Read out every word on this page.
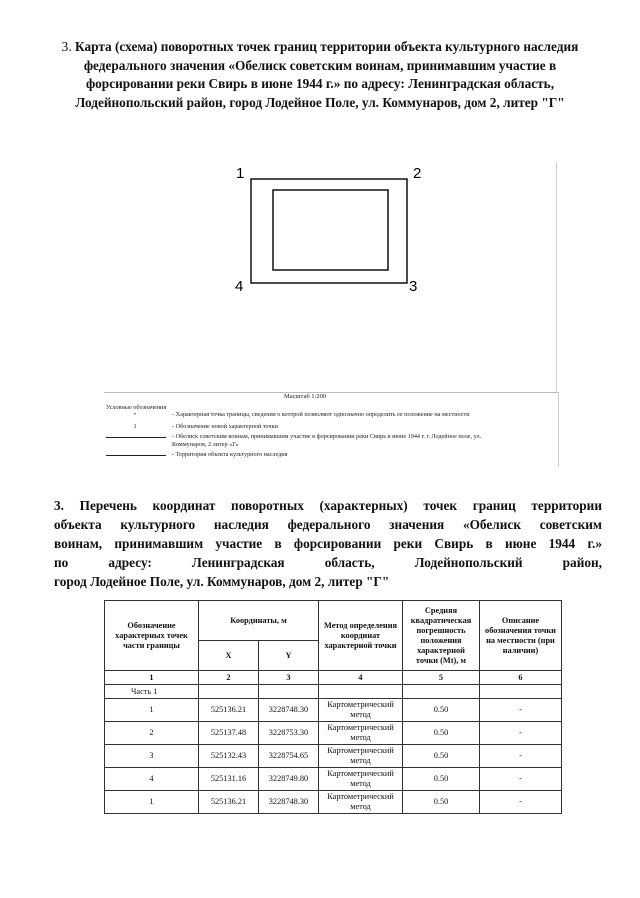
3. Карта (схема) поворотных точек границ территории объекта культурного наследия федерального значения «Обелиск советским воинам, принимавшим участие в форсировании реки Свирь в июне 1944 г.» по адресу: Ленинградская область, Лодейнопольский район, город Лодейное Поле, ул. Коммунаров, дом 2, литер "Г"
1	2
3
4
Масштаб 1:200
Условные обозначения
•	- Характерная точка границы, сведения о которой позволяют однозначно определить ее положение на местности
1	- Обозначение новой характерной точки
- Обелиск советским воинам, принимавшим участие в форсировании реки Свирь в июне 1944 г. г. Лодейное поле, ул.
Коммунаров, 2 литер «Г»
- Территория объекта культурного наследия
3. Перечень координат поворотных (характерных) точек границ территории
объекта культурного наследия федерального значения «Обелиск советским
воинам, принимавшим участие в форсировании реки Свирь в июне 1944 г.»
по адресу: Ленинградская область, Лодейнопольский район,
город Лодейное Поле, ул. Коммунаров, дом 2, литер "Г"
Обозначение характерных точек части границы	Координаты, м		Метод определения координат характерной точки	Средняя квадратическая погрешность положения характерной точки (Mt), м	Описание обозначения точки на местности (при наличии)
	X	Y			
1	2	3	4	5	6
Часть 1					
1	525136.21	3228748.30	Картометрический метод	0.50	-
2	525137.48	3228753.30	Картометрический метод	0.50	-
3	525132.43	3228754.65	Картометрический метод	0.50	-
4	525131.16	3228749.80	Картометрический метод	0.50	-
1	525136.21	3228748.30	Картометрический метод	0.50	-
